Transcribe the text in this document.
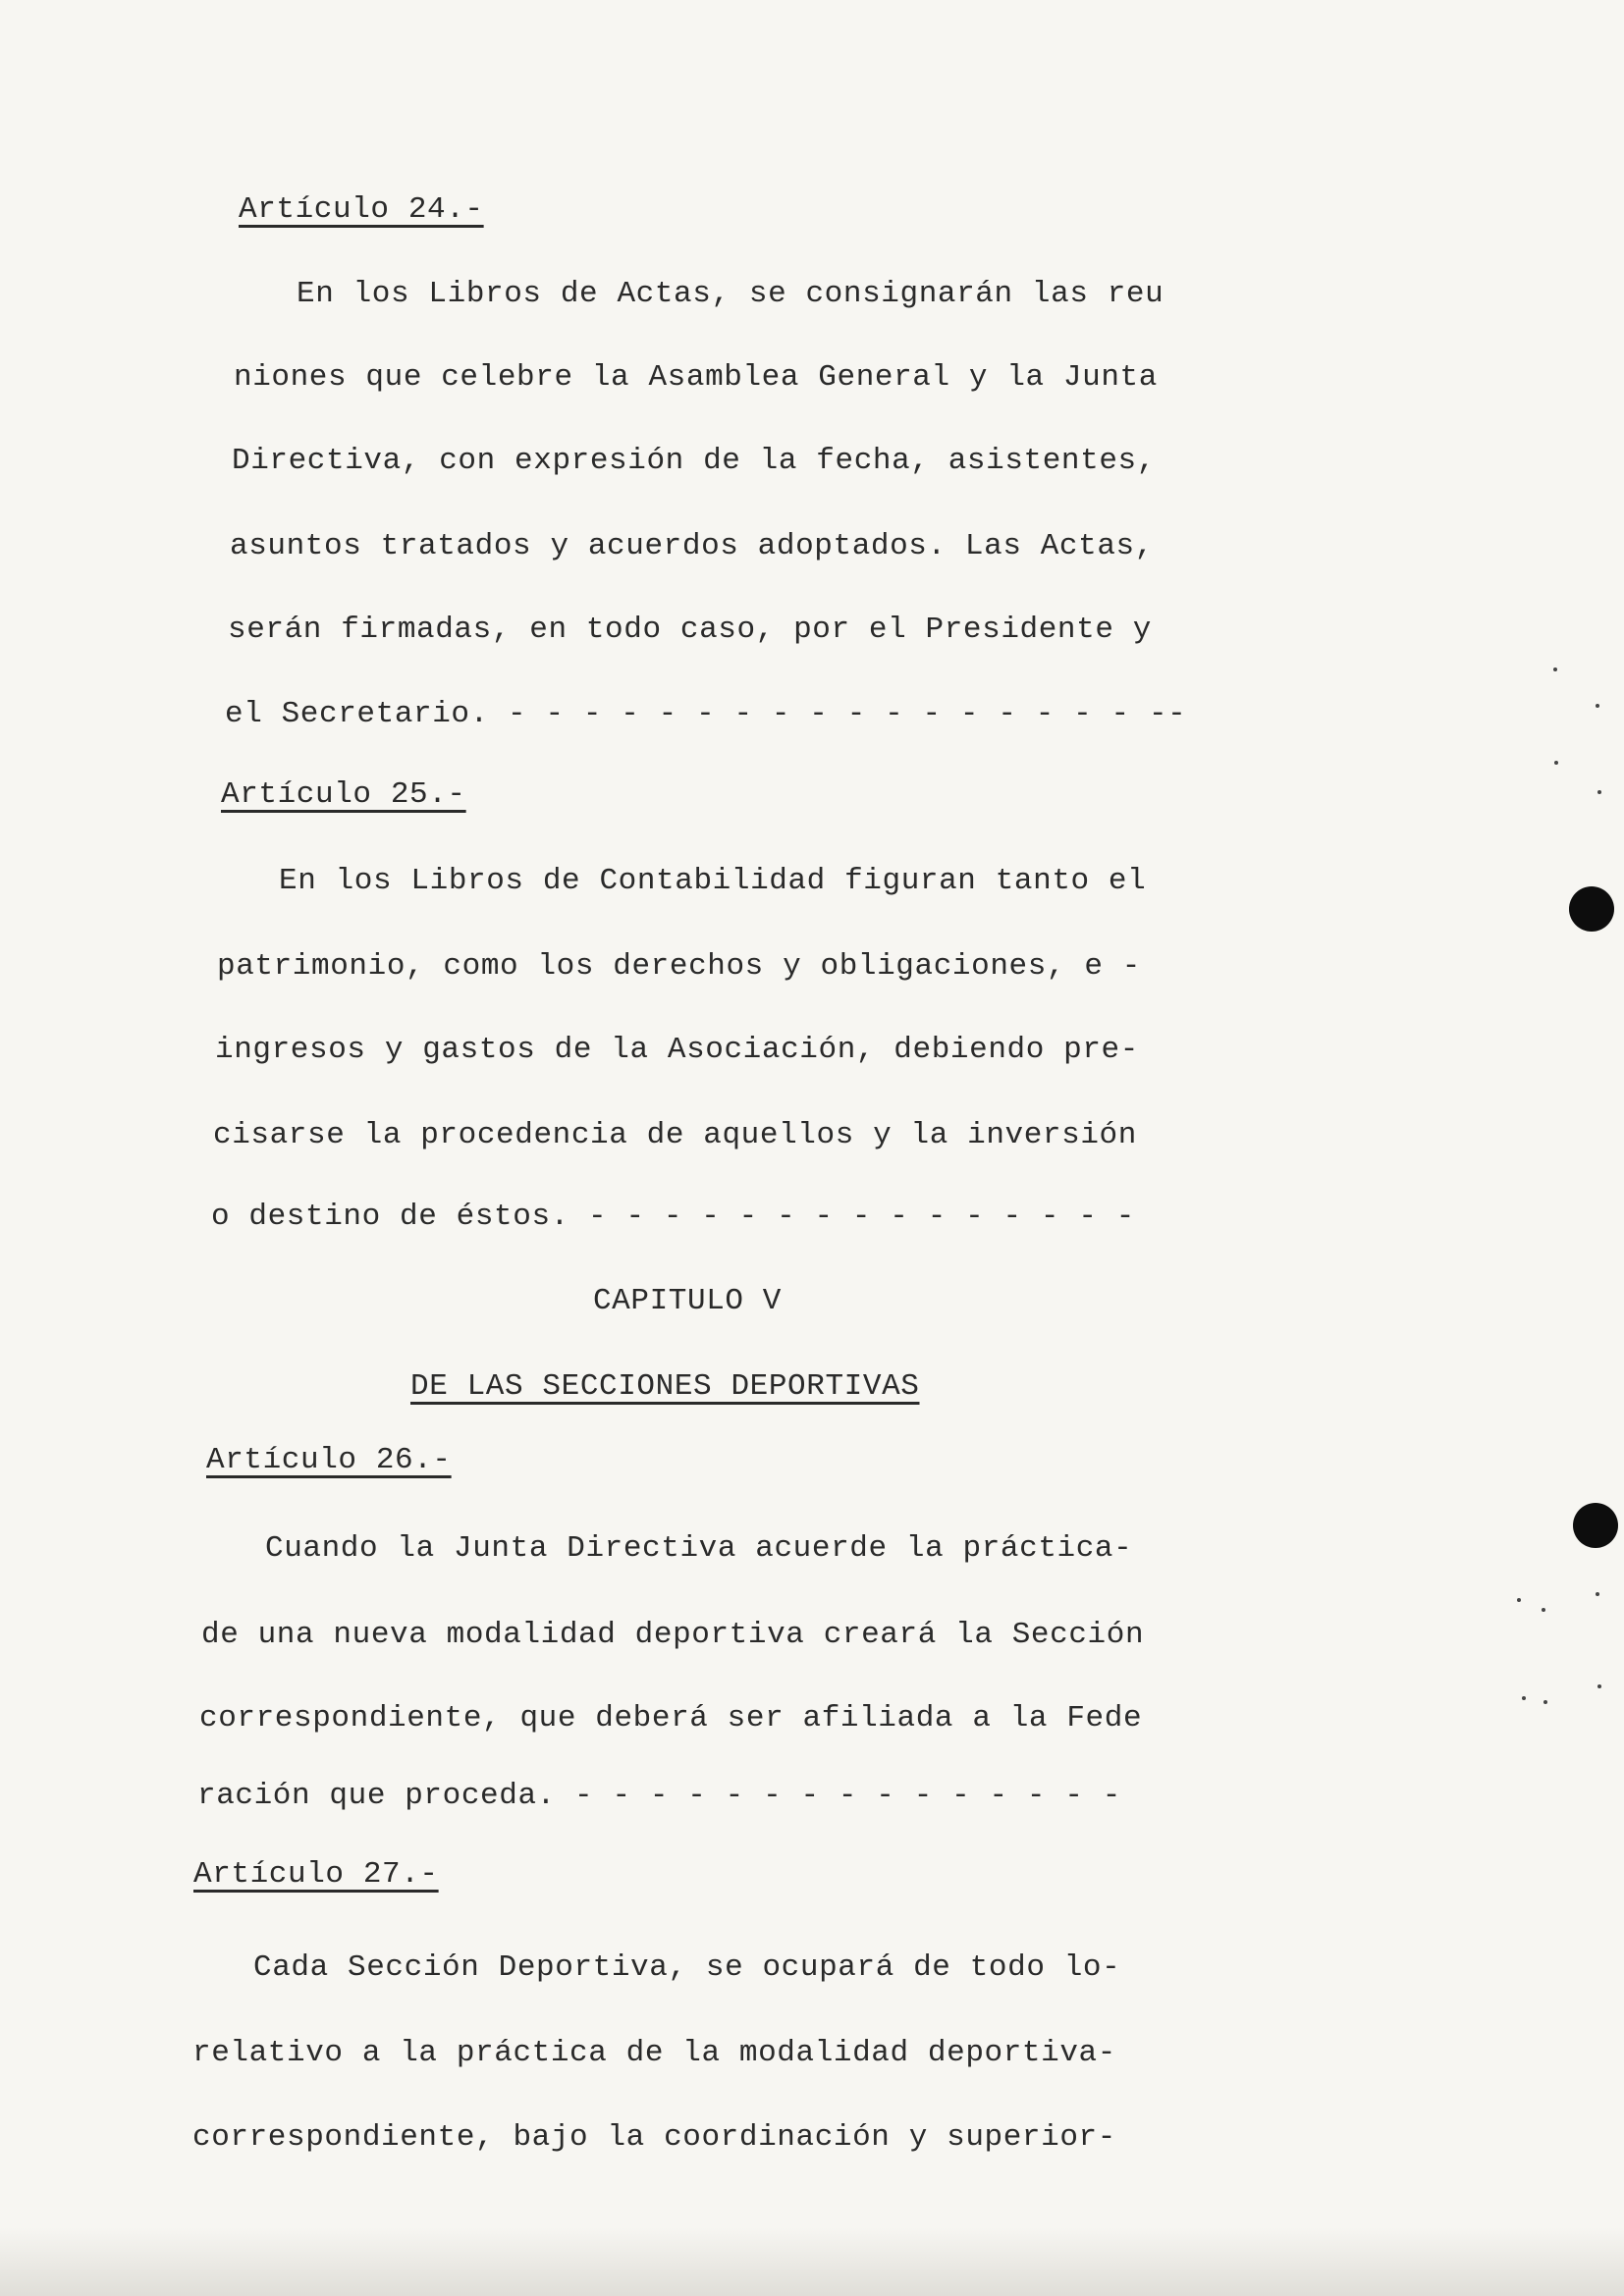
Artículo 24.-
En los Libros de Actas, se consignarán las reu
niones que celebre la Asamblea General y la Junta
Directiva, con expresión de la fecha, asistentes,
asuntos tratados y acuerdos adoptados. Las Actas,
serán firmadas, en todo caso, por el Presidente y
el Secretario. - - - - - - - - - - - - - - - - - --
Artículo 25.-
En los Libros de Contabilidad figuran tanto el
patrimonio, como los derechos y obligaciones, e -
ingresos y gastos de la Asociación, debiendo pre-
cisarse la procedencia de aquellos y la inversión
o destino de éstos. - - - - - - - - - - - - - - -
CAPITULO V
DE LAS SECCIONES DEPORTIVAS
Artículo 26.-
Cuando la Junta Directiva acuerde la práctica-
de una nueva modalidad deportiva creará la Sección
correspondiente, que deberá ser afiliada a la Fede
ración que proceda. - - - - - - - - - - - - - - -
Artículo 27.-
Cada Sección Deportiva, se ocupará de todo lo-
relativo a la práctica de la modalidad deportiva-
correspondiente, bajo la coordinación y superior-
